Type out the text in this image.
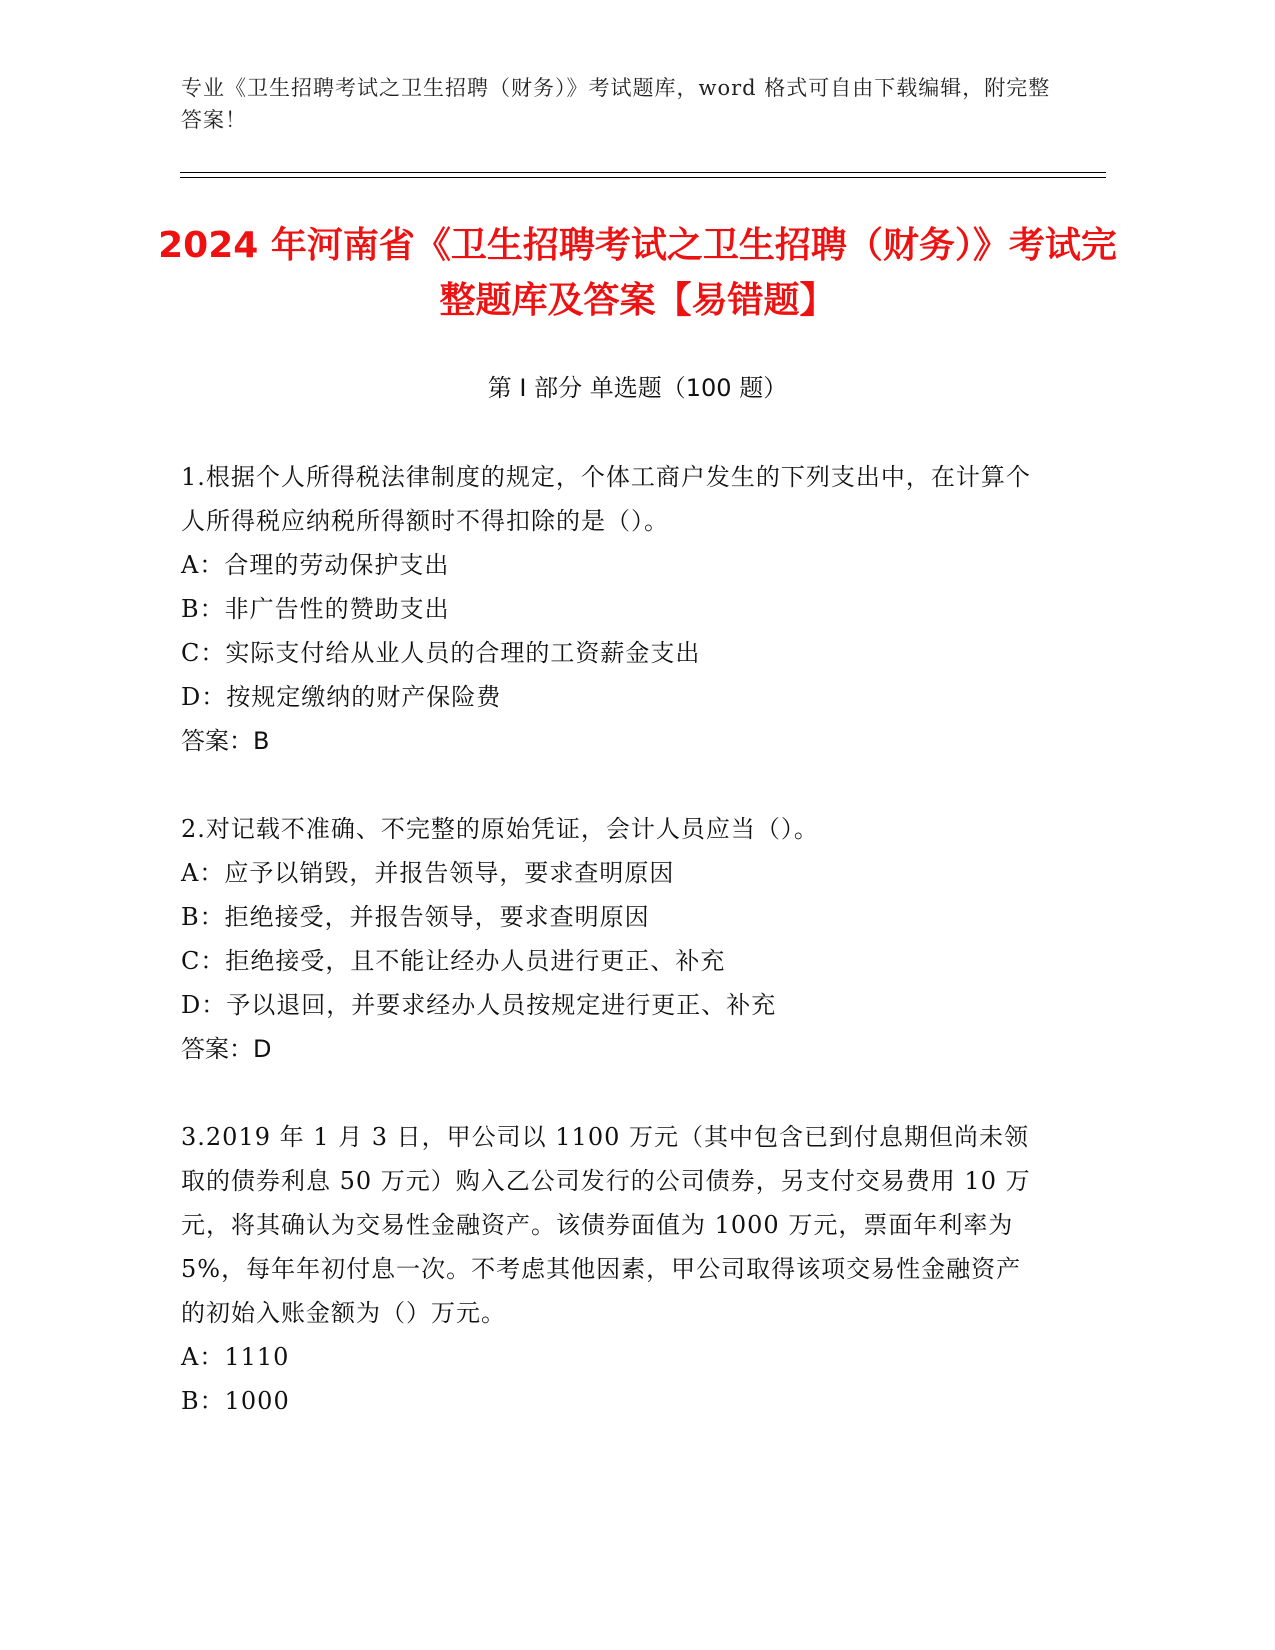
专业《卫生招聘考试之卫生招聘（财务）》考试题库，word 格式可自由下载编辑，附完整答案！
2024 年河南省《卫生招聘考试之卫生招聘（财务）》考试完整题库及答案【易错题】
第 I 部分 单选题（100 题）

1.根据个人所得税法律制度的规定，个体工商户发生的下列支出中，在计算个人所得税应纳税所得额时不得扣除的是（）。

A：合理的劳动保护支出

B：非广告性的赞助支出

C：实际支付给从业人员的合理的工资薪金支出

D：按规定缴纳的财产保险费

答案：B

2.对记载不准确、不完整的原始凭证，会计人员应当（）。

A：应予以销毁，并报告领导，要求查明原因

B：拒绝接受，并报告领导，要求查明原因

C：拒绝接受，且不能让经办人员进行更正、补充

D：予以退回，并要求经办人员按规定进行更正、补充

答案：D

3.2019 年 1 月 3 日，甲公司以 1100 万元（其中包含已到付息期但尚未领取的债券利息 50 万元）购入乙公司发行的公司债券，另支付交易费用 10 万元，将其确认为交易性金融资产。该债券面值为 1000 万元，票面年利率为 5%，每年年初付息一次。不考虑其他因素，甲公司取得该项交易性金融资产的初始入账金额为（）万元。

A：1110

B：1000
